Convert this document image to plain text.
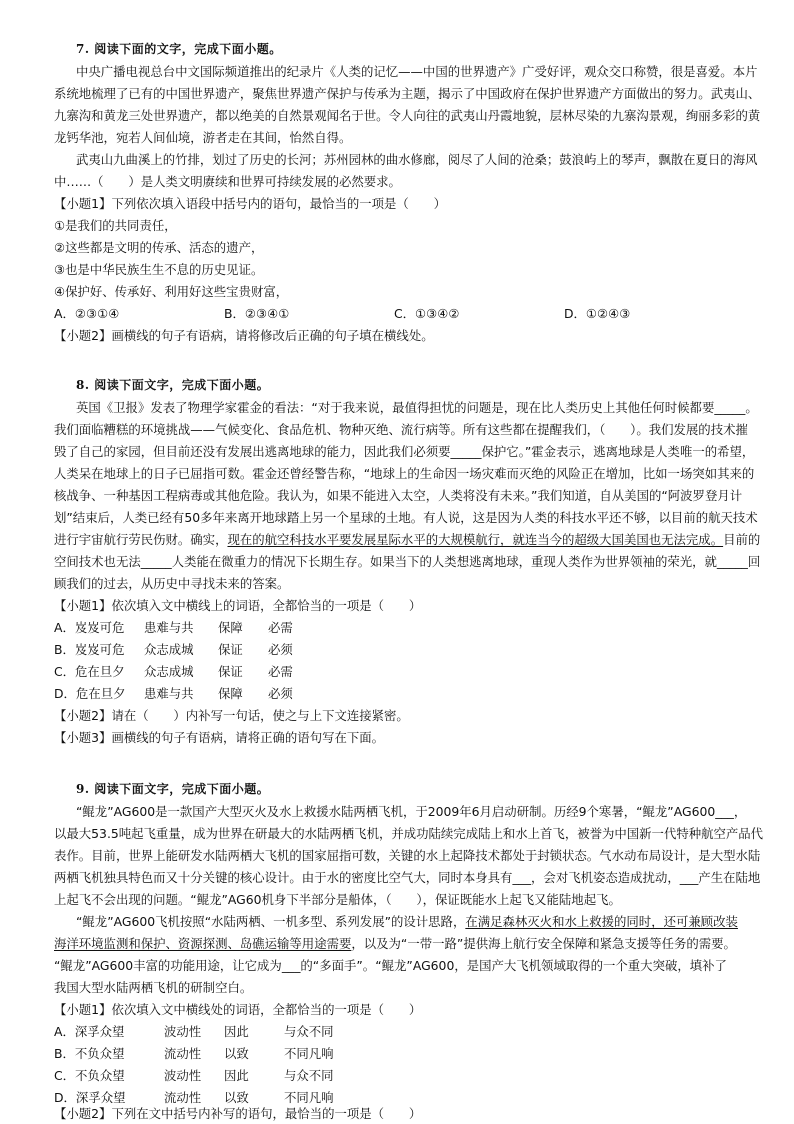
7. 阅读下面的文字，完成下面小题。
中央广播电视总台中文国际频道推出的纪录片《人类的记忆——中国的世界遗产》广受好评，观众交口称赞，很是喜爱。本片
系统地梳理了已有的中国世界遗产，聚焦世界遗产保护与传承为主题，揭示了中国政府在保护世界遗产方面做出的努力。武夷山、
九寨沟和黄龙三处世界遗产，都以绝美的自然景观闻名于世。令人向往的武夷山丹霞地貌，层林尽染的九寨沟景观，绚丽多彩的黄
龙钙华池，宛若人间仙境，游者走在其间，怡然自得。
武夷山九曲溪上的竹排，划过了历史的长河；苏州园林的曲水修廊，阅尽了人间的沧桑；鼓浪屿上的琴声，飘散在夏日的海风
中……（　　）是人类文明赓续和世界可持续发展的必然要求。
【小题1】下列依次填入语段中括号内的语句，最恰当的一项是（　　）
①是我们的共同责任，
②这些都是文明的传承、活态的遗产，
③也是中华民族生生不息的历史见证。
④保护好、传承好、利用好这些宝贵财富，
A．②③①④	B．②③④①	C．①③④②	D．①②④③
【小题2】画横线的句子有语病，请将修改后正确的句子填在横线处。
8. 阅读下面文字，完成下面小题。
英国《卫报》发表了物理学家霍金的看法：“对于我来说，最值得担忧的问题是，现在比人类历史上其他任何时候都要_____。
我们面临糟糕的环境挑战——气候变化、食品危机、物种灭绝、流行病等。所有这些都在提醒我们，（　　）。我们发展的技术摧
毁了自己的家园，但目前还没有发展出逃离地球的能力，因此我们必须要_____保护它。”霍金表示，逃离地球是人类唯一的希望，
人类呆在地球上的日子已屈指可数。霍金还曾经警告称，“地球上的生命因一场灾难而灭绝的风险正在增加，比如一场突如其来的
核战争、一种基因工程病毒或其他危险。我认为，如果不能进入太空，人类将没有未来。”我们知道，自从美国的“阿波罗登月计
划”结束后，人类已经有50多年来离开地球踏上另一个星球的土地。有人说，这是因为人类的科技水平还不够，以目前的航天技术
进行宇宙航行劳民伤财。确实，现在的航空科技水平要发展星际水平的大规模航行，就连当今的超级大国美国也无法完成。目前的
空间技术也无法_____人类能在微重力的情况下长期生存。如果当下的人类想逃离地球，重现人类作为世界领袖的荣光，就_____回
顾我们的过去，从历史中寻找未来的答案。
【小题1】依次填入文中横线上的词语，全都恰当的一项是（　　）
A．岌岌可危 患难与共 保障 必需
B．岌岌可危 众志成城 保证 必须
C．危在旦夕 众志成城 保证 必需
D．危在旦夕 患难与共 保障 必须
【小题2】请在（　　）内补写一句话，使之与上下文连接紧密。
【小题3】画横线的句子有语病，请将正确的语句写在下面。
9. 阅读下面文字，完成下面小题。
“鲲龙”AG600是一款国产大型灭火及水上救援水陆两栖飞机，于2009年6月启动研制。历经9个寒暑，“鲲龙”AG600___，
以最大53.5吨起飞重量，成为世界在研最大的水陆两栖飞机，并成功陆续完成陆上和水上首飞，被誉为中国新一代特种航空产品代
表作。目前，世界上能研发水陆两栖大飞机的国家屈指可数，关键的水上起降技术都处于封锁状态。气水动布局设计，是大型水陆
两栖飞机独具特色而又十分关键的核心设计。由于水的密度比空气大，同时本身具有___，会对飞机姿态造成扰动，___产生在陆地
上起飞不会出现的问题。“鲲龙”AG60机身下半部分是船体，（　　），保证既能水上起飞又能陆地起飞。
“鲲龙”AG600飞机按照“水陆两栖、一机多型、系列发展”的设计思路，在满足森林灭火和水上救援的同时，还可兼顾改装
海洋环境监测和保护、资源探测、岛礁运输等用途需要，以及为“一带一路”提供海上航行安全保障和紧急支援等任务的需要。
“鲲龙”AG600丰富的功能用途，让它成为___的“多面手”。“鲲龙”AG600，是国产大飞机领域取得的一个重大突破，填补了
我国大型水陆两栖飞机的研制空白。
【小题1】依次填入文中横线处的词语，全都恰当的一项是（　　）
A．深孚众望	波动性 因此	与众不同
B．不负众望	流动性 以致	不同凡响
C．不负众望	波动性 因此	与众不同
D．深孚众望	流动性 以致	不同凡响
【小题2】下列在文中括号内补写的语句，最恰当的一项是（　　）
